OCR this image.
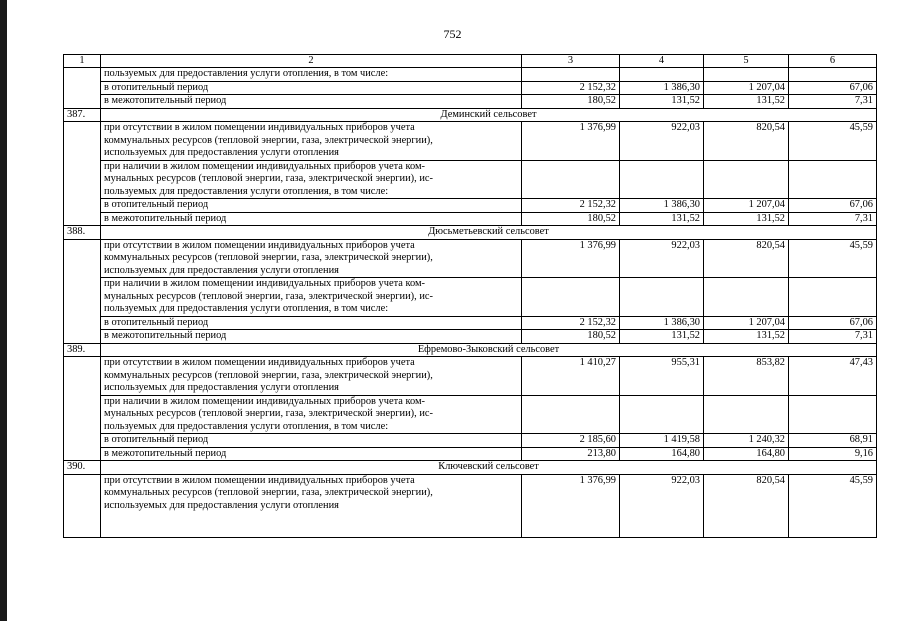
752
1	2	3	4	5	6

	пользуемых для предоставления услуги отопления, в том числе:				

	в отопительный период	2 152,32	1 386,30	1 207,04	67,06
	в межотопительный период	180,52	131,52	131,52	7,31
387.	Деминский сельсовет				

	при отсутствии в жилом помещении индивидуальных приборов учета
коммунальных ресурсов (тепловой энергии, газа, электрической энергии),
используемых для предоставления услуги отопления	1 376,99	922,03	820,54	45,59

	при наличии в жилом помещении индивидуальных приборов учета ком-
мунальных ресурсов (тепловой энергии, газа, электрической энергии), ис-
пользуемых для предоставления услуги отопления, в том числе:				

	в отопительный период	2 152,32	1 386,30	1 207,04	67,06
	в межотопительный период	180,52	131,52	131,52	7,31
388.	Дюсьметьевский сельсовет				

	при отсутствии в жилом помещении индивидуальных приборов учета
коммунальных ресурсов (тепловой энергии, газа, электрической энергии),
используемых для предоставления услуги отопления	1 376,99	922,03	820,54	45,59

	при наличии в жилом помещении индивидуальных приборов учета ком-
мунальных ресурсов (тепловой энергии, газа, электрической энергии), ис-
пользуемых для предоставления услуги отопления, в том числе:				

	в отопительный период	2 152,32	1 386,30	1 207,04	67,06
	в межотопительный период	180,52	131,52	131,52	7,31
389.	Ефремово-Зыковский сельсовет				

	при отсутствии в жилом помещении индивидуальных приборов учета
коммунальных ресурсов (тепловой энергии, газа, электрической энергии),
используемых для предоставления услуги отопления	1 410,27	955,31	853,82	47,43

	при наличии в жилом помещении индивидуальных приборов учета ком-
мунальных ресурсов (тепловой энергии, газа, электрической энергии), ис-
пользуемых для предоставления услуги отопления, в том числе:				

	в отопительный период	2 185,60	1 419,58	1 240,32	68,91
	в межотопительный период	213,80	164,80	164,80	9,16
390.	Ключевский сельсовет				

	при отсутствии в жилом помещении индивидуальных приборов учета
коммунальных ресурсов (тепловой энергии, газа, электрической энергии),
используемых для предоставления услуги отопления	1 376,99	922,03	820,54	45,59
